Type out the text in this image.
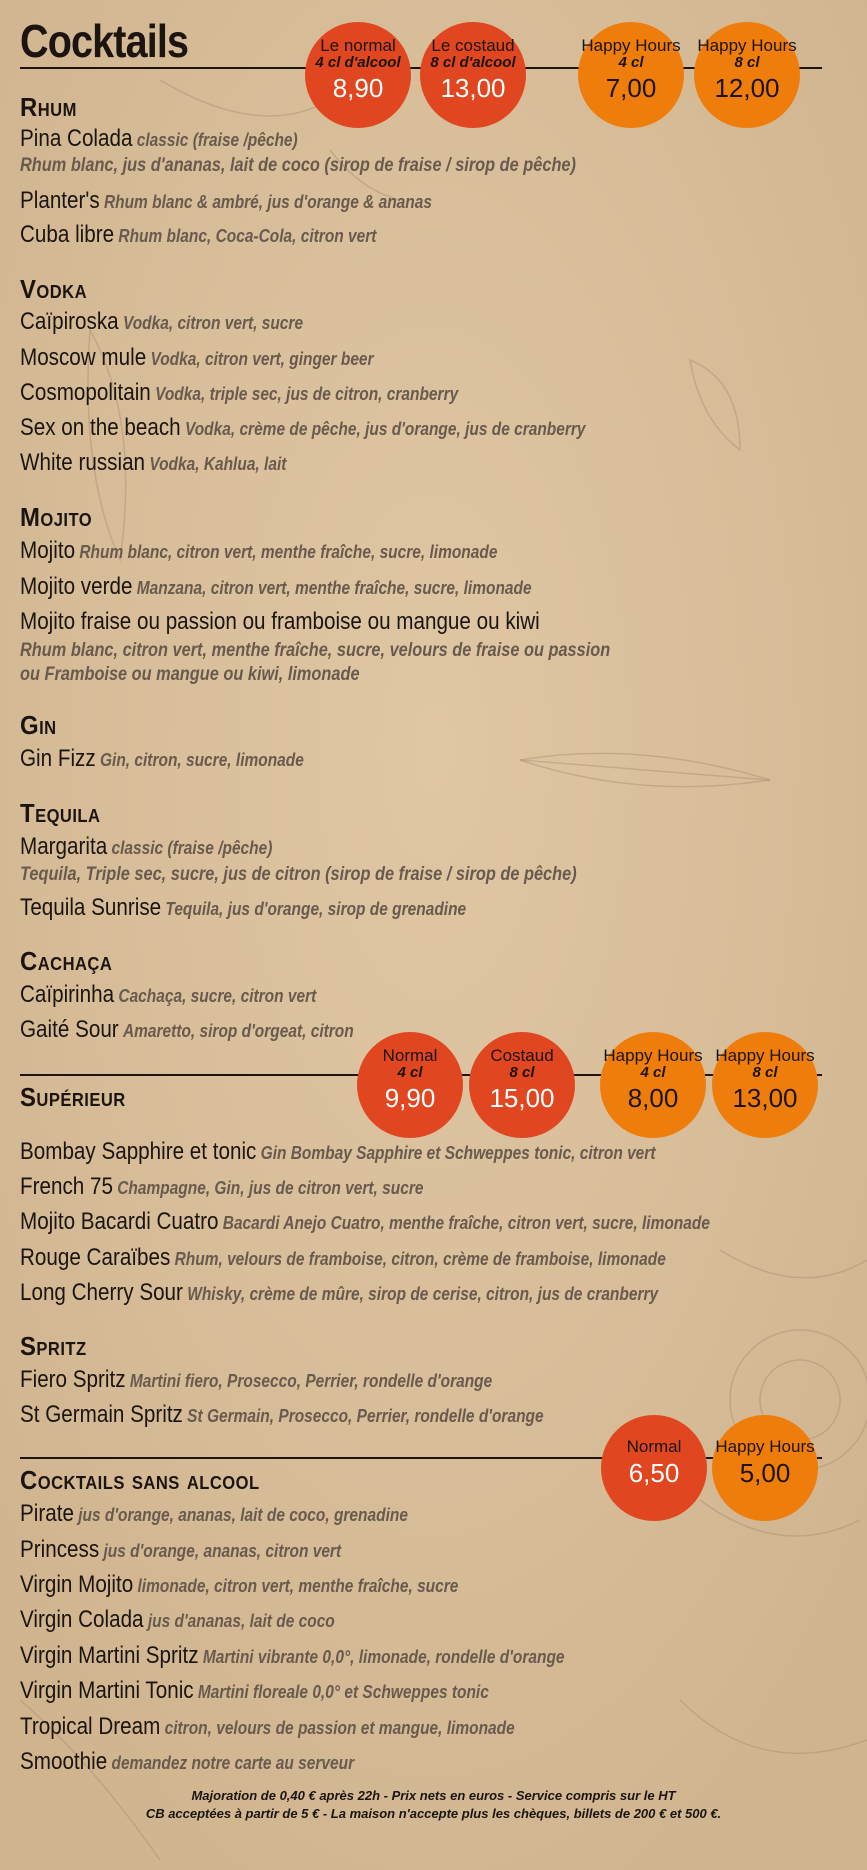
Cocktails	Le normal
4 cl d'alcool
8,90
Le costaud
8 cl d'alcool
13,00
Happy Hours
4 cl
7,00
Happy Hours
8 cl
12,00
Rhum
Pina Colada classic (fraise /pêche)
Rhum blanc, jus d'ananas, lait de coco (sirop de fraise / sirop de pêche)
Planter's Rhum blanc & ambré, jus d'orange & ananas
Cuba libre Rhum blanc, Coca-Cola, citron vert
Vodka
Caïpiroska Vodka, citron vert, sucre
Moscow mule Vodka, citron vert, ginger beer
Cosmopolitain Vodka, triple sec, jus de citron, cranberry
Sex on the beach Vodka, crème de pêche, jus d'orange, jus de cranberry
White russian Vodka, Kahlua, lait
Mojito
Mojito Rhum blanc, citron vert, menthe fraîche, sucre, limonade
Mojito verde Manzana, citron vert, menthe fraîche, sucre, limonade
Mojito fraise ou passion ou framboise ou mangue ou kiwi
Rhum blanc, citron vert, menthe fraîche, sucre, velours de fraise ou passion
ou Framboise ou mangue ou kiwi, limonade
Gin
Gin Fizz Gin, citron, sucre, limonade
Tequila
Margarita classic (fraise /pêche)
Tequila, Triple sec, sucre, jus de citron (sirop de fraise / sirop de pêche)
Tequila Sunrise Tequila, jus d'orange, sirop de grenadine
Cachaça
Caïpirinha Cachaça, sucre, citron vert
Gaité Sour Amaretto, sirop d'orgeat, citron
Normal
4 cl
9,90
Costaud
8 cl
15,00
Happy Hours
4 cl
8,00
Happy Hours
8 cl
13,00
Supérieur
Bombay Sapphire et tonic Gin Bombay Sapphire et Schweppes tonic, citron vert
French 75 Champagne, Gin, jus de citron vert, sucre
Mojito Bacardi Cuatro Bacardi Anejo Cuatro, menthe fraîche, citron vert, sucre, limonade
Rouge Caraïbes Rhum, velours de framboise, citron, crème de framboise, limonade
Long Cherry Sour Whisky, crème de mûre, sirop de cerise, citron, jus de cranberry
Spritz
Fiero Spritz Martini fiero, Prosecco, Perrier, rondelle d'orange
St Germain Spritz St Germain, Prosecco, Perrier, rondelle d'orange
Normal
6,50
Happy Hours
5,00
Cocktails sans alcool
Pirate jus d'orange, ananas, lait de coco, grenadine
Princess jus d'orange, ananas, citron vert
Virgin Mojito limonade, citron vert, menthe fraîche, sucre
Virgin Colada jus d'ananas, lait de coco
Virgin Martini Spritz Martini vibrante 0,0°, limonade, rondelle d'orange
Virgin Martini Tonic Martini floreale 0,0° et Schweppes tonic
Tropical Dream citron, velours de passion et mangue, limonade
Smoothie demandez notre carte au serveur
Majoration de 0,40 € après 22h - Prix nets en euros - Service compris sur le HT
CB acceptées à partir de 5 € - La maison n'accepte plus les chèques, billets de 200 € et 500 €.
